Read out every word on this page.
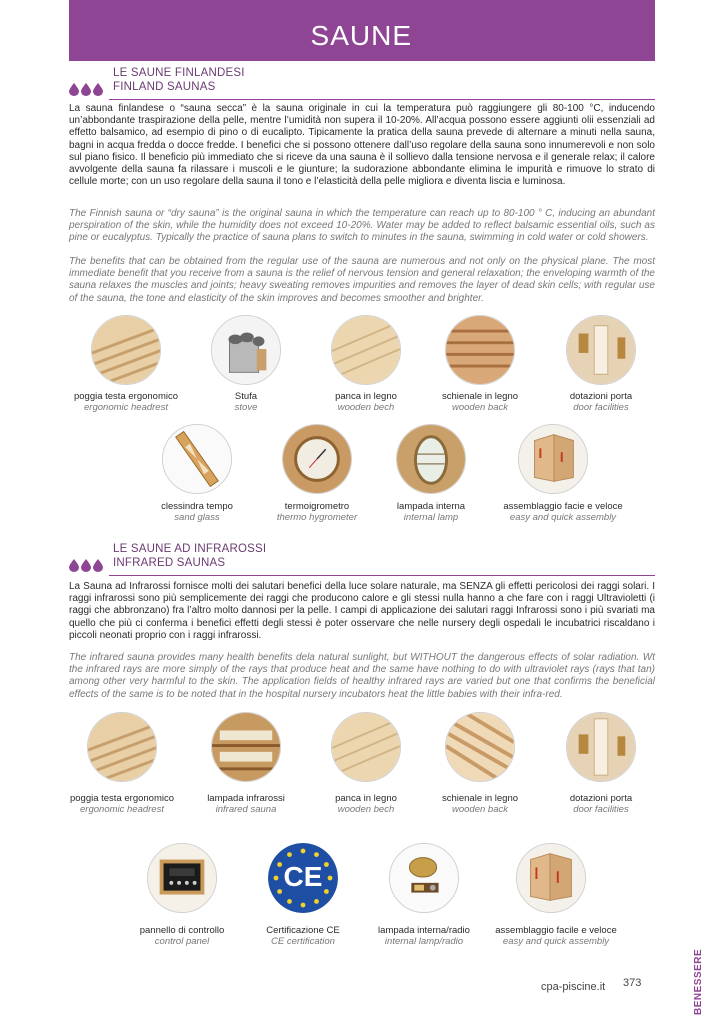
SAUNE
LE SAUNE FINLANDESI
FINLAND SAUNAS

La sauna finlandese o “sauna secca” è la sauna originale in cui la temperatura può raggiungere gli 80-100 °C, inducendo un’abbondante traspirazione della pelle, mentre l’umidità non supera il 10-20%. All’acqua possono essere aggiunti olii essenziali ad effetto balsamico, ad esempio di pino o di eucalipto. Tipicamente la pratica della sauna prevede di alternare a minuti nella sauna, bagni in acqua fredda o docce fredde. I benefici che si possono ottenere dall’uso regolare della sauna sono innumerevoli e non solo sul piano fisico. Il beneficio più immediato che si riceve da una sauna è il sollievo dalla tensione nervosa e il generale relax; il calore avvolgente della sauna fa rilassare i muscoli e le giunture; la sudorazione abbondante elimina le impurità e rimuove lo strato di cellule morte; con un uso regolare della sauna il tono e l’elasticità della pelle migliora e diventa liscia e luminosa.

The Finnish sauna or “dry sauna” is the original sauna in which the temperature can reach up to 80-100 ° C, inducing an abundant perspiration of the skin, while the humidity does not exceed 10-20%. Water may be added to reflect balsamic essential oils, such as pine or eucalyptus. Typically the practice of sauna plans to switch to minutes in the sauna, swimming in cold water or cold showers.

The benefits that can be obtained from the regular use of the sauna are numerous and not only on the physical plane. The most immediate benefit that you receive from a sauna is the relief of nervous tension and general relaxation; the enveloping warmth of the sauna relaxes the muscles and joints; heavy sweating removes impurities and removes the layer of dead skin cells; with regular use of the sauna, the tone and elasticity of the skin improves and becomes smoother and brighter.

poggia testa ergonomico
ergonomic headrest
Stufa
stove
panca in legno
wooden bech
schienale in legno
wooden back
dotazioni porta
door facilities
clessindra tempo
sand glass
termoigrometro
thermo hygrometer
lampada interna
internal lamp
assemblaggio facie e veloce
easy and quick assembly
LE SAUNE AD INFRAROSSI
INFRARED SAUNAS

La Sauna ad Infrarossi fornisce molti dei salutari benefici della luce solare naturale, ma SENZA gli effetti pericolosi dei raggi solari. I raggi infrarossi sono più semplicemente dei raggi che producono calore e gli stessi nulla hanno a che fare con i raggi Ultravioletti (i raggi che abbronzano) fra l’altro molto dannosi per la pelle. I campi di applicazione dei salutari raggi Infrarossi sono i più svariati ma quello che più ci conferma i benefici effetti degli stessi è poter osservare che nelle nursery degli ospedali le incubatrici riscaldano i piccoli neonati proprio con i raggi infrarossi.

The infrared sauna provides many health benefits dela natural sunlight, but WITHOUT the dangerous effects of solar radiation. Wt the infrared rays are more simply of the rays that produce heat and the same have nothing to do with ultraviolet rays (rays that tan) among other very harmful to the skin. The application fields of healthy infrared rays are varied but one that confirms the beneficial effects of the same is to be noted that in the hospital nursery incubators heat the little babies with their infra-red.

poggia testa ergonomico
ergonomic headrest
lampada infrarossi
infrared sauna
panca in legno
wooden bech
schienale in legno
wooden back
dotazioni porta
door facilities
CE
pannello di controllo
control panel
Certificazione CE
CE certification
lampada interna/radio
internal lamp/radio
assemblaggio facile e veloce
easy and quick assembly
cpa-piscine.it 373	BENESSERE
